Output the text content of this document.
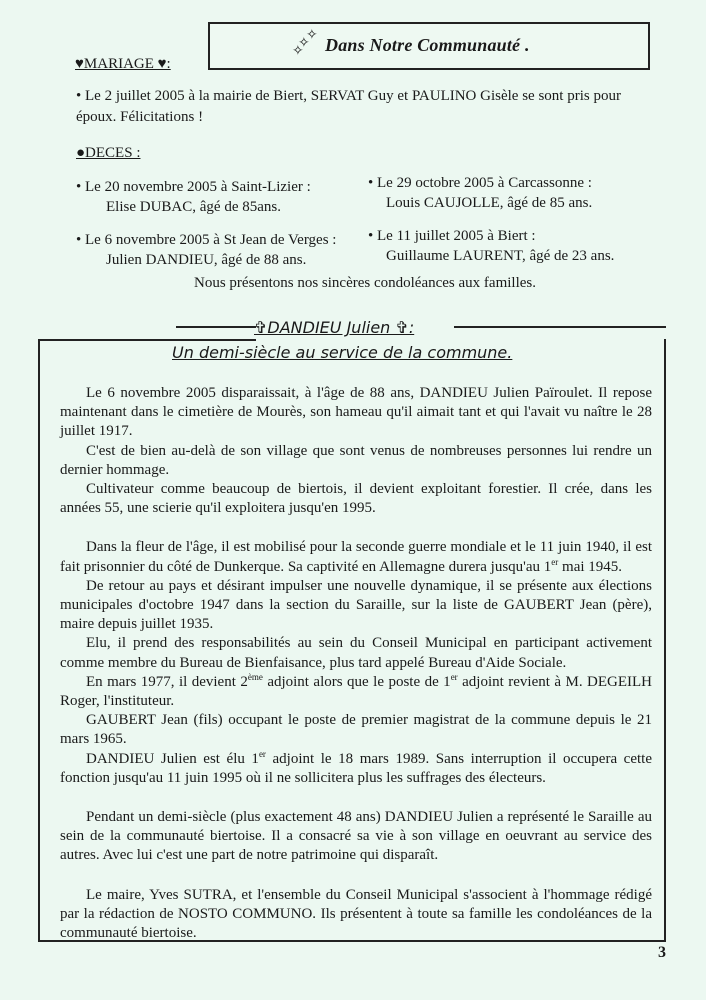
✧
✧
✧ Dans Notre Communauté .
♥MARIAGE ♥:
• Le 2 juillet 2005 à la mairie de Biert, SERVAT Guy et PAULINO Gisèle se sont pris pour époux. Félicitations !
●DECES :
• Le 20 novembre 2005 à Saint-Lizier :
Elise DUBAC, âgé de 85ans.
• Le 29 octobre 2005 à Carcassonne :
Louis CAUJOLLE, âgé de 85 ans.
• Le 6 novembre 2005 à St Jean de Verges :
Julien DANDIEU, âgé de 88 ans.
• Le 11 juillet 2005 à Biert :
Guillaume LAURENT, âgé de 23 ans.
Nous présentons nos sincères condoléances aux familles.
✞DANDIEU Julien ✞:
Un demi-siècle au service de la commune.

Le 6 novembre 2005 disparaissait, à l'âge de 88 ans, DANDIEU Julien Païroulet. Il repose maintenant dans le cimetière de Mourès, son hameau qu'il aimait tant et qui l'avait vu naître le 28 juillet 1917.

C'est de bien au-delà de son village que sont venus de nombreuses personnes lui rendre un dernier hommage.

Cultivateur comme beaucoup de biertois, il devient exploitant forestier. Il crée, dans les années 55, une scierie qu'il exploitera jusqu'en 1995.

Dans la fleur de l'âge, il est mobilisé pour la seconde guerre mondiale et le 11 juin 1940, il est fait prisonnier du côté de Dunkerque. Sa captivité en Allemagne durera jusqu'au 1er mai 1945.

De retour au pays et désirant impulser une nouvelle dynamique, il se présente aux élections municipales d'octobre 1947 dans la section du Saraille, sur la liste de GAUBERT Jean (père), maire depuis juillet 1935.

Elu, il prend des responsabilités au sein du Conseil Municipal en participant activement comme membre du Bureau de Bienfaisance, plus tard appelé Bureau d'Aide Sociale.

En mars 1977, il devient 2ème adjoint alors que le poste de 1er adjoint revient à M. DEGEILH Roger, l'instituteur.

GAUBERT Jean (fils) occupant le poste de premier magistrat de la commune depuis le 21 mars 1965.

DANDIEU Julien est élu 1er adjoint le 18 mars 1989. Sans interruption il occupera cette fonction jusqu'au 11 juin 1995 où il ne sollicitera plus les suffrages des électeurs.

Pendant un demi-siècle (plus exactement 48 ans) DANDIEU Julien a représenté le Saraille au sein de la communauté biertoise. Il a consacré sa vie à son village en oeuvrant au service des autres. Avec lui c'est une part de notre patrimoine qui disparaît.

Le maire, Yves SUTRA, et l'ensemble du Conseil Municipal s'associent à l'hommage rédigé par la rédaction de NOSTO COMMUNO. Ils présentent à toute sa famille les condoléances de la communauté biertoise.

3
